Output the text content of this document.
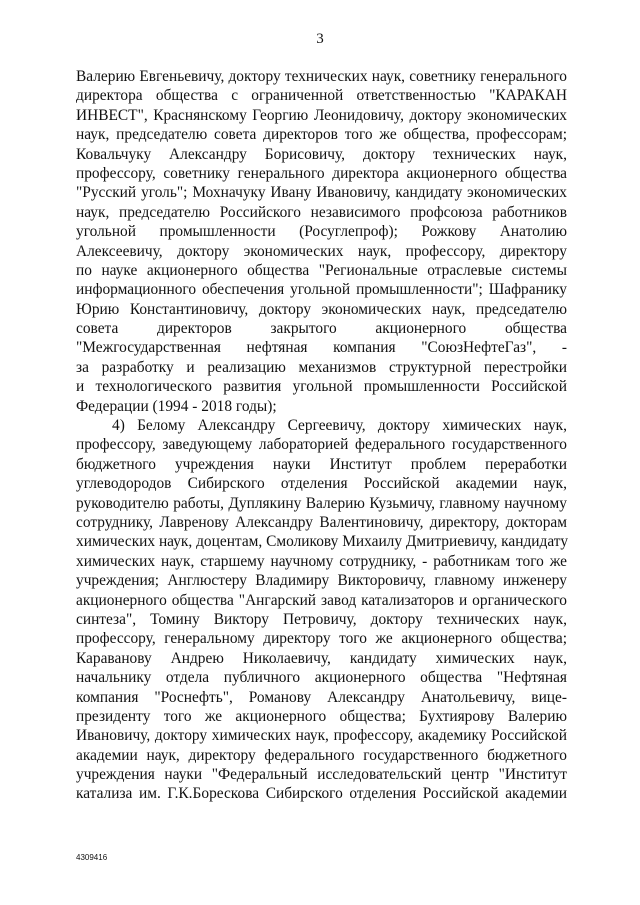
3
Валерию Евгеньевичу, доктору технических наук, советнику генерального
директора общества с ограниченной ответственностью "КАРАКАН
ИНВЕСТ", Краснянскому Георгию Леонидовичу, доктору экономических
наук, председателю совета директоров того же общества, профессорам;
Ковальчуку Александру Борисовичу, доктору технических наук,
профессору, советнику генерального директора акционерного общества
"Русский уголь"; Мохначуку Ивану Ивановичу, кандидату экономических
наук, председателю Российского независимого профсоюза работников
угольной промышленности (Росуглепроф); Рожкову Анатолию
Алексеевичу, доктору экономических наук, профессору, директору
по науке акционерного общества "Региональные отраслевые системы
информационного обеспечения угольной промышленности"; Шафранику
Юрию Константиновичу, доктору экономических наук, председателю
совета директоров закрытого акционерного общества
"Межгосударственная нефтяная компания "СоюзНефтеГаз", -
за разработку и реализацию механизмов структурной перестройки
и технологического развития угольной промышленности Российской
Федерации (1994 - 2018 годы);
4) Белому Александру Сергеевичу, доктору химических наук,
профессору, заведующему лабораторией федерального государственного
бюджетного учреждения науки Институт проблем переработки
углеводородов Сибирского отделения Российской академии наук,
руководителю работы, Дуплякину Валерию Кузьмичу, главному научному
сотруднику, Лавренову Александру Валентиновичу, директору, докторам
химических наук, доцентам, Смоликову Михаилу Дмитриевичу, кандидату
химических наук, старшему научному сотруднику, - работникам того же
учреждения; Англюстеру Владимиру Викторовичу, главному инженеру
акционерного общества "Ангарский завод катализаторов и органического
синтеза", Томину Виктору Петровичу, доктору технических наук,
профессору, генеральному директору того же акционерного общества;
Караванову Андрею Николаевичу, кандидату химических наук,
начальнику отдела публичного акционерного общества "Нефтяная
компания "Роснефть", Романову Александру Анатольевичу, вице-
президенту того же акционерного общества; Бухтиярову Валерию
Ивановичу, доктору химических наук, профессору, академику Российской
академии наук, директору федерального государственного бюджетного
учреждения науки "Федеральный исследовательский центр "Институт
катализа им. Г.К.Борескова Сибирского отделения Российской академии
4309416
